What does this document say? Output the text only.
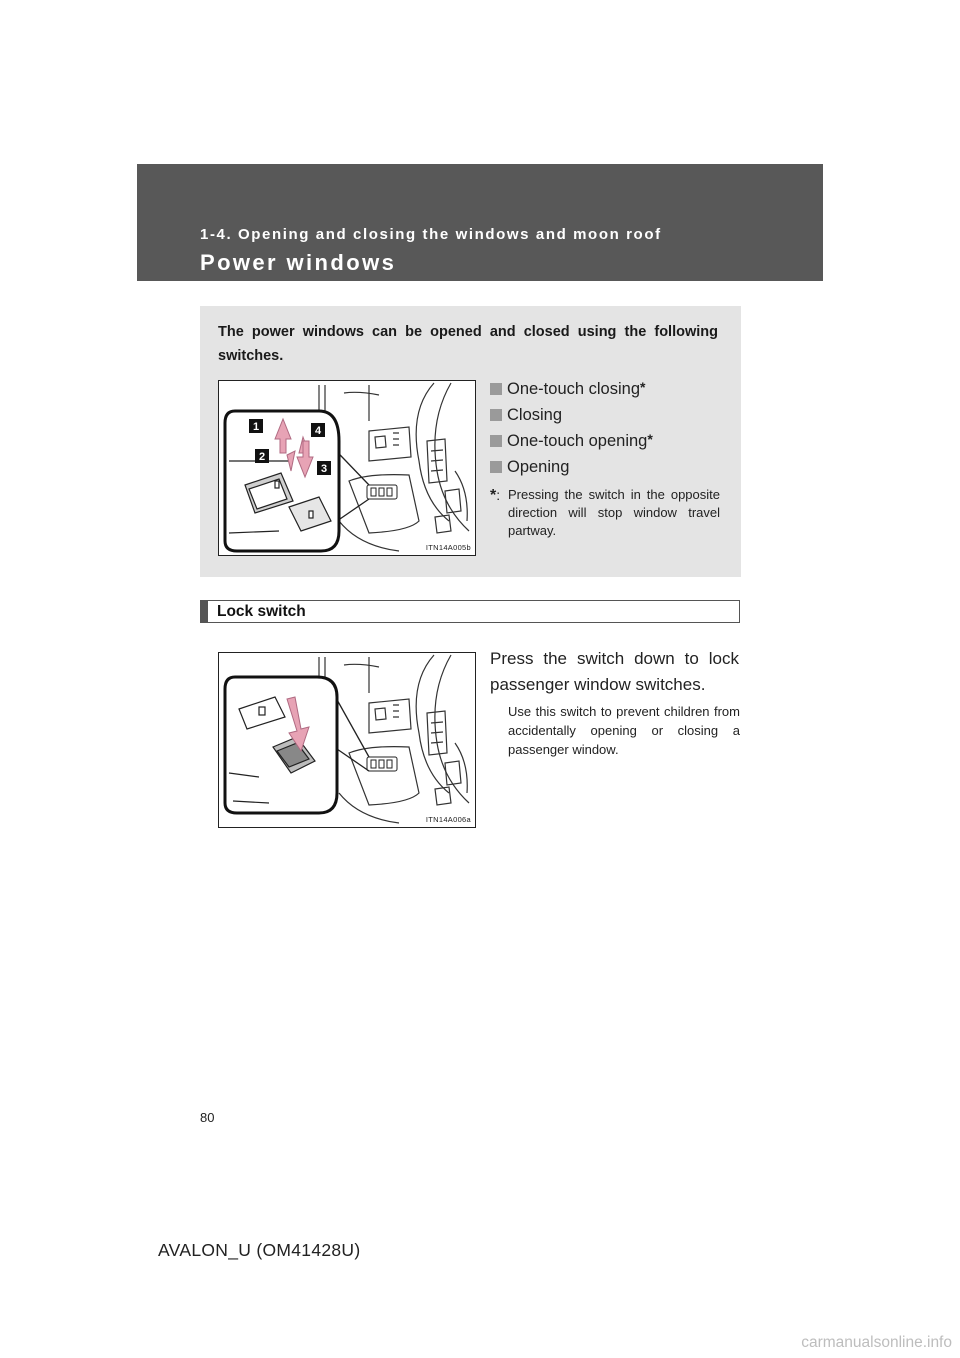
1-4. Opening and closing the windows and moon roof
Power windows
The power windows can be opened and closed using the following switches.
1
2
3
4
ITN14A005b
One-touch closing*
Closing
One-touch opening*
Opening
*: Pressing the switch in the opposite direction will stop window travel partway.
Lock switch
ITN14A006a
Press the switch down to lock passenger window switches.
Use this switch to prevent children from accidentally opening or closing a passenger window.
80
AVALON_U (OM41428U)
carmanualsonline.info
